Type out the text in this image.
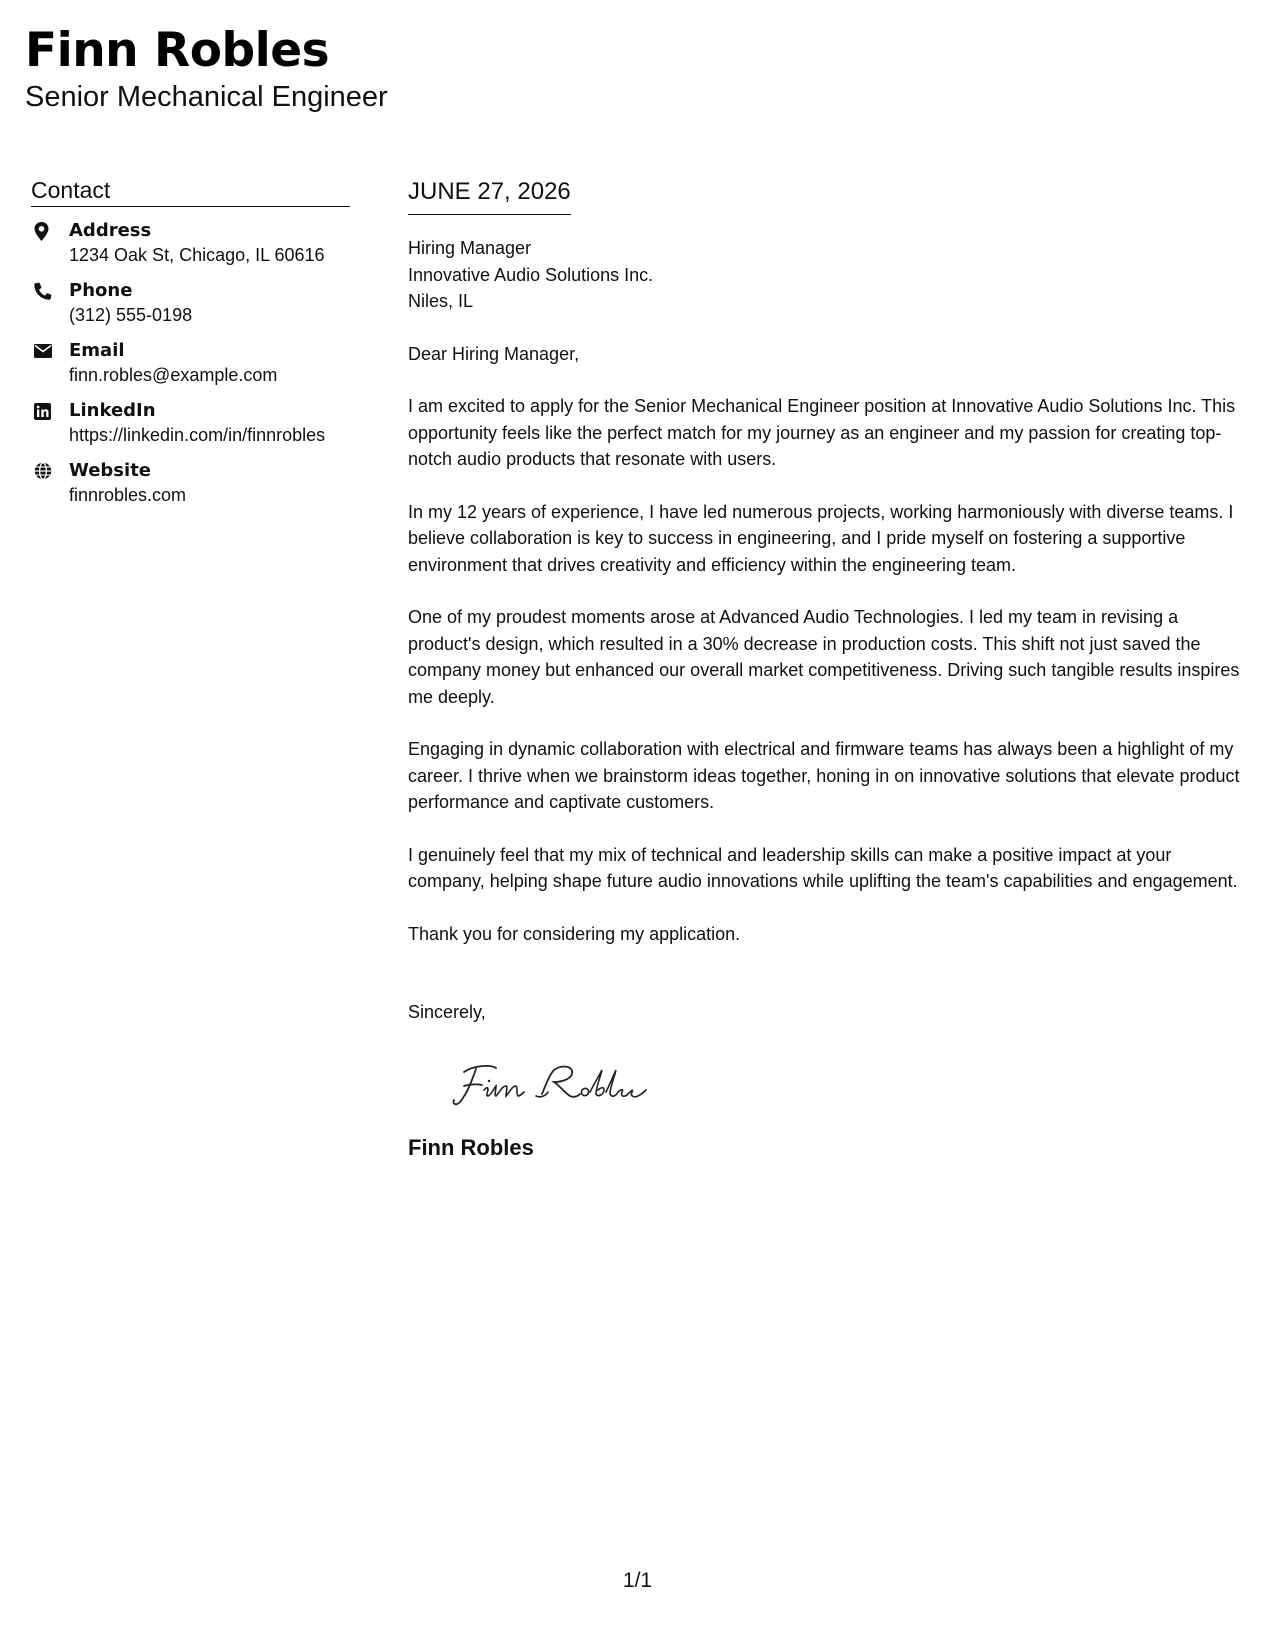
Finn Robles
Senior Mechanical Engineer
Contact
Address
1234 Oak St, Chicago, IL 60616
Phone
(312) 555-0198
Email
finn.robles@example.com
LinkedIn
https://linkedin.com/in/finnrobles
Website
finnrobles.com
JUNE 27, 2026
Hiring Manager
Innovative Audio Solutions Inc.
Niles, IL

Dear Hiring Manager,

I am excited to apply for the Senior Mechanical Engineer position at Innovative Audio Solutions Inc. This opportunity feels like the perfect match for my journey as an engineer and my passion for creating top-notch audio products that resonate with users.

In my 12 years of experience, I have led numerous projects, working harmoniously with diverse teams. I believe collaboration is key to success in engineering, and I pride myself on fostering a supportive environment that drives creativity and efficiency within the engineering team.

One of my proudest moments arose at Advanced Audio Technologies. I led my team in revising a product's design, which resulted in a 30% decrease in production costs. This shift not just saved the company money but enhanced our overall market competitiveness. Driving such tangible results inspires me deeply.

Engaging in dynamic collaboration with electrical and firmware teams has always been a highlight of my career. I thrive when we brainstorm ideas together, honing in on innovative solutions that elevate product performance and captivate customers.

I genuinely feel that my mix of technical and leadership skills can make a positive impact at your company, helping shape future audio innovations while uplifting the team's capabilities and engagement.

Thank you for considering my application.

Sincerely,
Finn Robles
1/1
